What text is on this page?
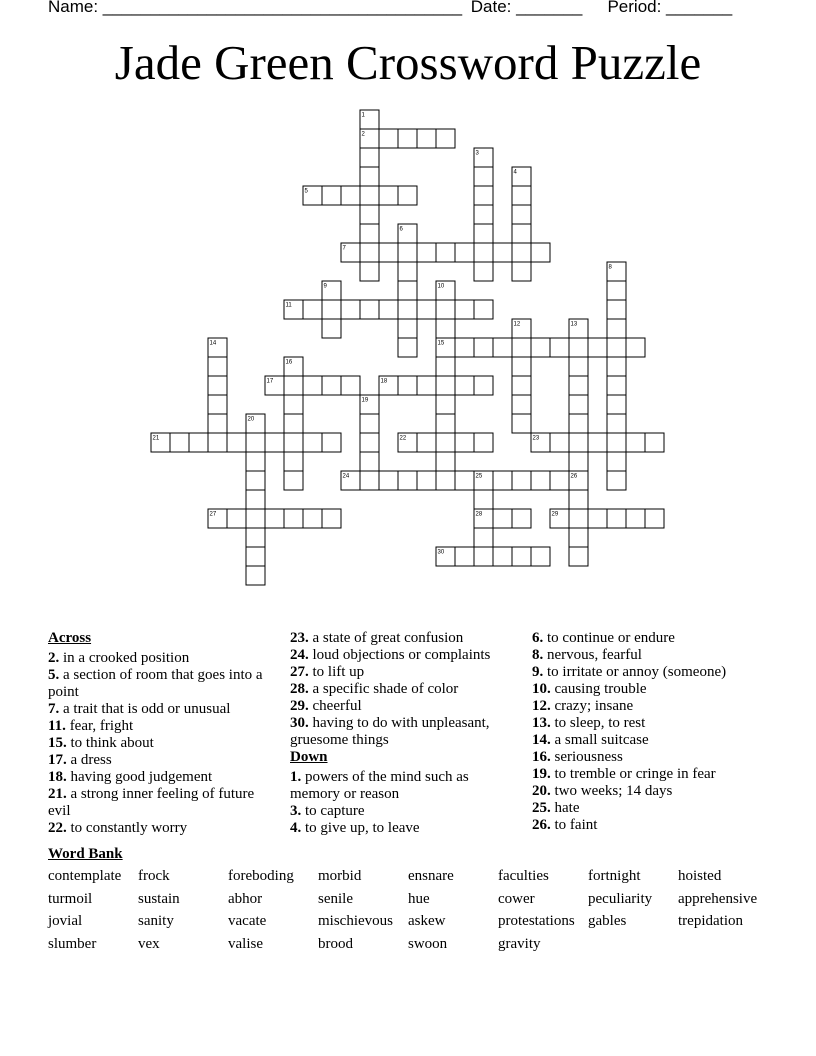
Name: ______________________________________ Date: _______ Period: _______
Jade Green Crossword Puzzle
1
2
3
4
5
6
7
8
9	10
11
12	13
14	15
16
17	18
19
20
21	22	23
24	25	26
27	28	29
30
Across
2. in a crooked position
5. a section of room that goes into a point
7. a trait that is odd or unusual
11. fear, fright
15. to think about
17. a dress
18. having good judgement
21. a strong inner feeling of future evil
22. to constantly worry
23. a state of great confusion
24. loud objections or complaints
27. to lift up
28. a specific shade of color
29. cheerful
30. having to do with unpleasant, gruesome things
Down
1. powers of the mind such as memory or reason
3. to capture
4. to give up, to leave
6. to continue or endure
8. nervous, fearful
9. to irritate or annoy (someone)
10. causing trouble
12. crazy; insane
13. to sleep, to rest
14. a small suitcase
16. seriousness
19. to tremble or cringe in fear
20. two weeks; 14 days
25. hate
26. to faint
Word Bank
contemplate frock	foreboding morbid	ensnare	faculties	fortnight	hoisted
turmoil	sustain	abhor	senile	hue	cower	peculiarity apprehensive
jovial	sanity	vacate	mischievous askew	protestations gables	trepidation
slumber	vex	valise	brood	swoon	gravity
